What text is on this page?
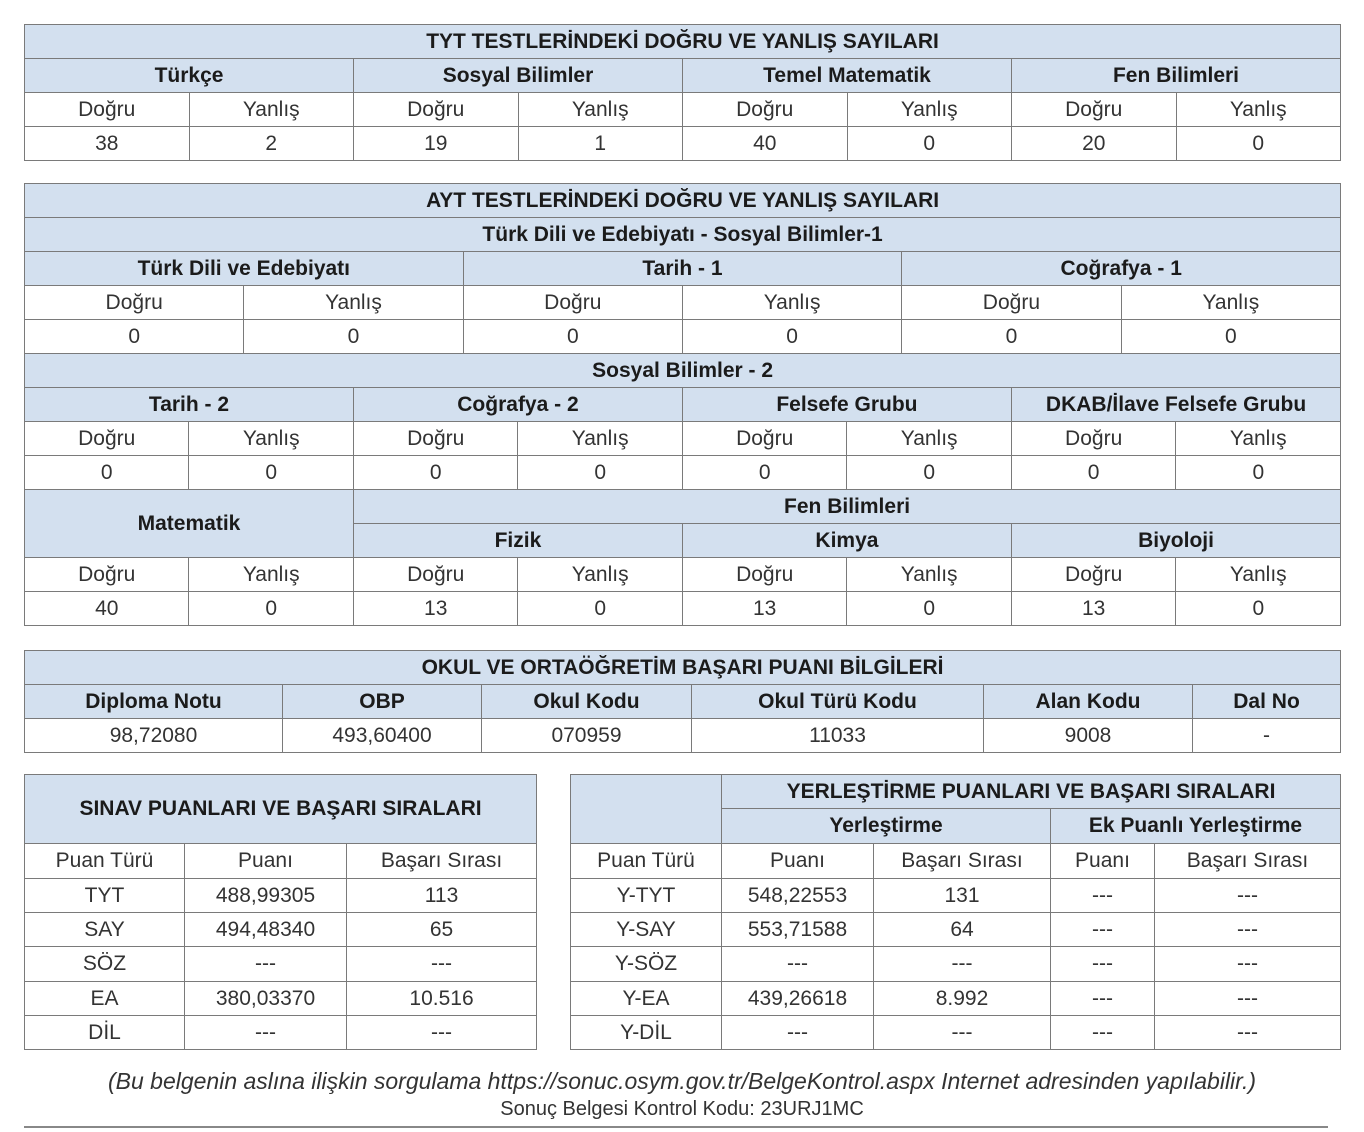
TYT TESTLERİNDEKİ DOĞRU VE YANLIŞ SAYILARI							
Türkçe		Sosyal Bilimler		Temel Matematik		Fen Bilimleri	
Doğru	Yanlış	Doğru	Yanlış	Doğru	Yanlış	Doğru	Yanlış
38	2	19	1	40	0	20	0
AYT TESTLERİNDEKİ DOĞRU VE YANLIŞ SAYILARI											
Türk Dili ve Edebiyatı - Sosyal Bilimler-1											
Türk Dili ve Edebiyatı				Tarih - 1				Coğrafya - 1			
Doğru		Yanlış		Doğru		Yanlış		Doğru		Yanlış	
0		0		0		0		0		0	
Sosyal Bilimler - 2											
Tarih - 2			Coğrafya - 2			Felsefe Grubu			DKAB/İlave Felsefe Grubu		
Doğru	Yanlış		Doğru		Yanlış	Doğru	Yanlış		Doğru		Yanlış
0	0		0		0	0	0		0		0
Matematik			Fen Bilimleri								
			Fizik			Kimya			Biyoloji		
Doğru	Yanlış		Doğru		Yanlış	Doğru	Yanlış		Doğru		Yanlış
40	0		13		0	13	0		13		0
OKUL VE ORTAÖĞRETİM BAŞARI PUANI BİLGİLERİ					
Diploma Notu	OBP	Okul Kodu	Okul Türü Kodu	Alan Kodu	Dal No
98,72080	493,60400	070959	11033	9008	-
SINAV PUANLARI VE BAŞARI SIRALARI		
Puan Türü	Puanı	Başarı Sırası
TYT	488,99305	113
SAY	494,48340	65
SÖZ	---	---
EA	380,03370	10.516
DİL	---	---
	YERLEŞTİRME PUANLARI VE BAŞARI SIRALARI			
	Yerleştirme		Ek Puanlı Yerleştirme	
Puan Türü	Puanı	Başarı Sırası	Puanı	Başarı Sırası
Y-TYT	548,22553	131	---	---
Y-SAY	553,71588	64	---	---
Y-SÖZ	---	---	---	---
Y-EA	439,26618	8.992	---	---
Y-DİL	---	---	---	---
(Bu belgenin aslına ilişkin sorgulama https://sonuc.osym.gov.tr/BelgeKontrol.aspx Internet adresinden yapılabilir.)
Sonuç Belgesi Kontrol Kodu: 23URJ1MC
